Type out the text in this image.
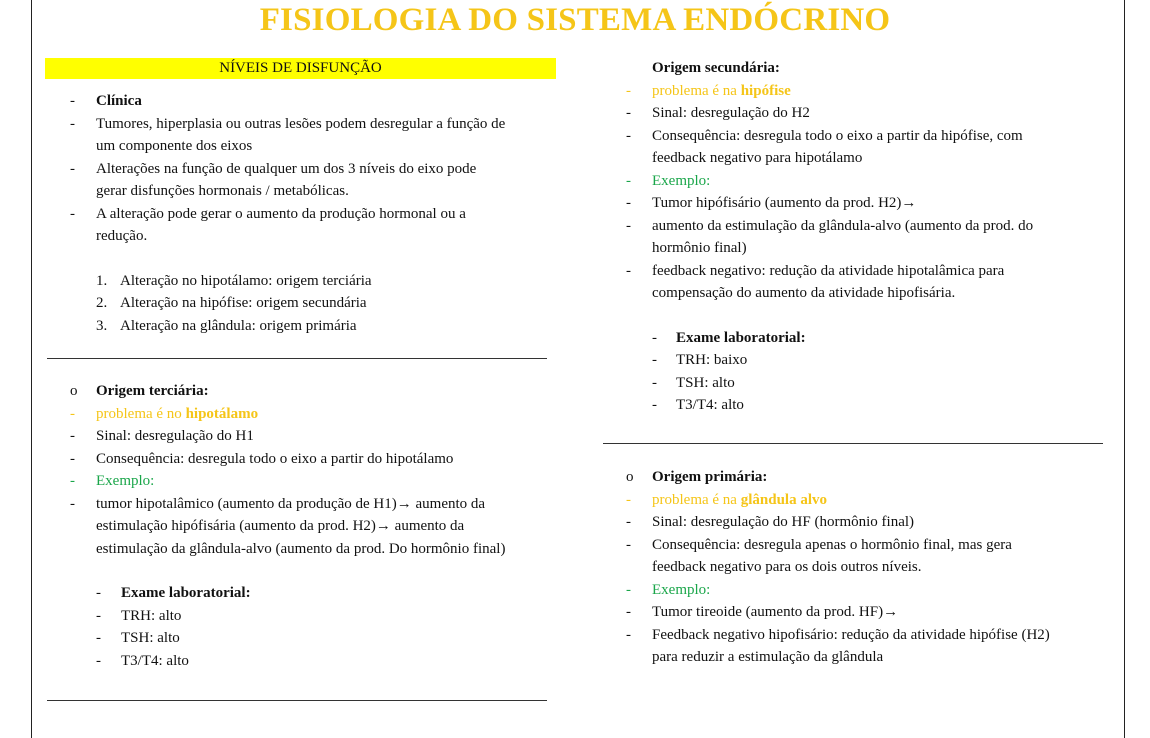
FISIOLOGIA DO SISTEMA ENDÓCRINO
NÍVEIS DE DISFUNÇÃO
- Clínica
- Tumores, hiperplasia ou outras lesões podem desregular a função de
um componente dos eixos
- Alterações na função de qualquer um dos 3 níveis do eixo pode
gerar disfunções hormonais / metabólicas.
- A alteração pode gerar o aumento da produção hormonal ou a
redução.
1. Alteração no hipotálamo: origem terciária
2. Alteração na hipófise: origem secundária
3. Alteração na glândula: origem primária
o Origem terciária:
- problema é no hipotálamo
- Sinal: desregulação do H1
- Consequência: desregula todo o eixo a partir do hipotálamo
- Exemplo:
- tumor hipotalâmico (aumento da produção de H1)→ aumento da
estimulação hipófisária (aumento da prod. H2)→ aumento da
estimulação da glândula-alvo (aumento da prod. Do hormônio final)
- Exame laboratorial:
- TRH: alto
- TSH: alto
- T3/T4: alto
Origem secundária:
- problema é na hipófise
- Sinal: desregulação do H2
- Consequência: desregula todo o eixo a partir da hipófise, com
feedback negativo para hipotálamo
- Exemplo:
- Tumor hipófisário (aumento da prod. H2)→
- aumento da estimulação da glândula-alvo (aumento da prod. do
hormônio final)
- feedback negativo: redução da atividade hipotalâmica para
compensação do aumento da atividade hipofisária.
- Exame laboratorial:
- TRH: baixo
- TSH: alto
- T3/T4: alto
o Origem primária:
- problema é na glândula alvo
- Sinal: desregulação do HF (hormônio final)
- Consequência: desregula apenas o hormônio final, mas gera
feedback negativo para os dois outros níveis.
- Exemplo:
- Tumor tireoide (aumento da prod. HF)→
- Feedback negativo hipofisário: redução da atividade hipófise (H2)
para reduzir a estimulação da glândula
